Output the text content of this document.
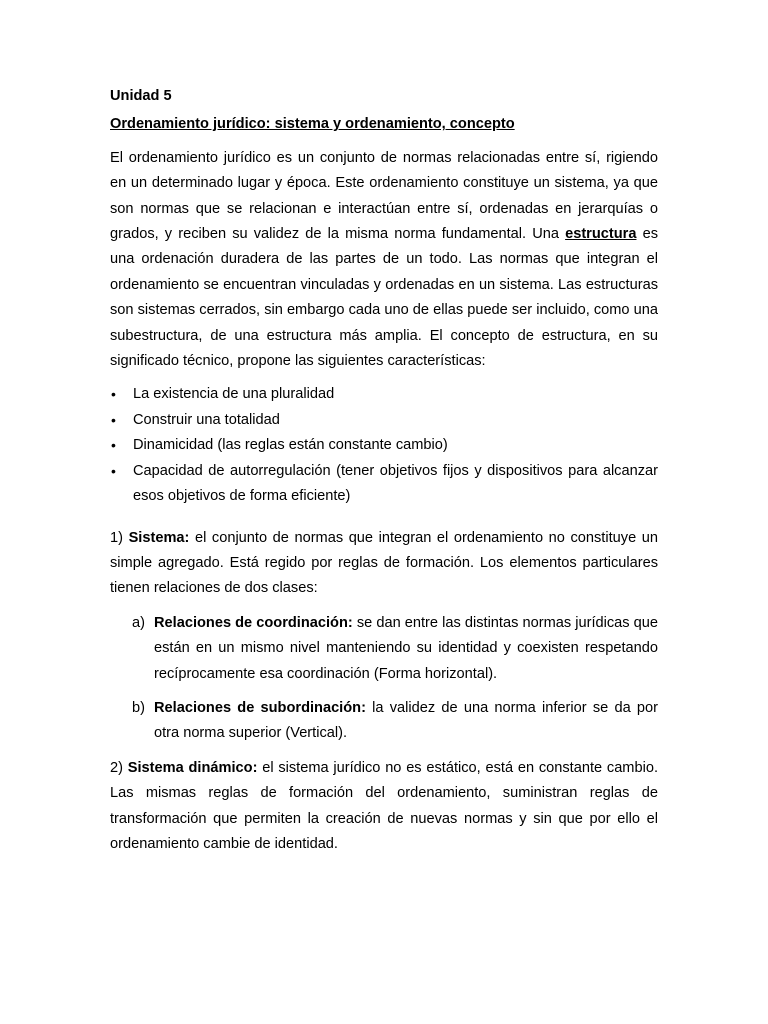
Unidad 5
Ordenamiento jurídico: sistema y ordenamiento, concepto

El ordenamiento jurídico es un conjunto de normas relacionadas entre sí, rigiendo en un determinado lugar y época. Este ordenamiento constituye un sistema, ya que son normas que se relacionan e interactúan entre sí, ordenadas en jerarquías o grados, y reciben su validez de la misma norma fundamental. Una estructura es una ordenación duradera de las partes de un todo. Las normas que integran el ordenamiento se encuentran vinculadas y ordenadas en un sistema. Las estructuras son sistemas cerrados, sin embargo cada uno de ellas puede ser incluido, como una subestructura, de una estructura más amplia. El concepto de estructura, en su significado técnico, propone las siguientes características:

• La existencia de una pluralidad
• Construir una totalidad
• Dinamicidad (las reglas están constante cambio)
• Capacidad de autorregulación (tener objetivos fijos y dispositivos para alcanzar esos objetivos de forma eficiente)

1) Sistema: el conjunto de normas que integran el ordenamiento no constituye un simple agregado. Está regido por reglas de formación. Los elementos particulares tienen relaciones de dos clases:

a) Relaciones de coordinación: se dan entre las distintas normas jurídicas que están en un mismo nivel manteniendo su identidad y coexisten respetando recíprocamente esa coordinación (Forma horizontal).
b) Relaciones de subordinación: la validez de una norma inferior se da por otra norma superior (Vertical).

2) Sistema dinámico: el sistema jurídico no es estático, está en constante cambio. Las mismas reglas de formación del ordenamiento, suministran reglas de transformación que permiten la creación de nuevas normas y sin que por ello el ordenamiento cambie de identidad.
